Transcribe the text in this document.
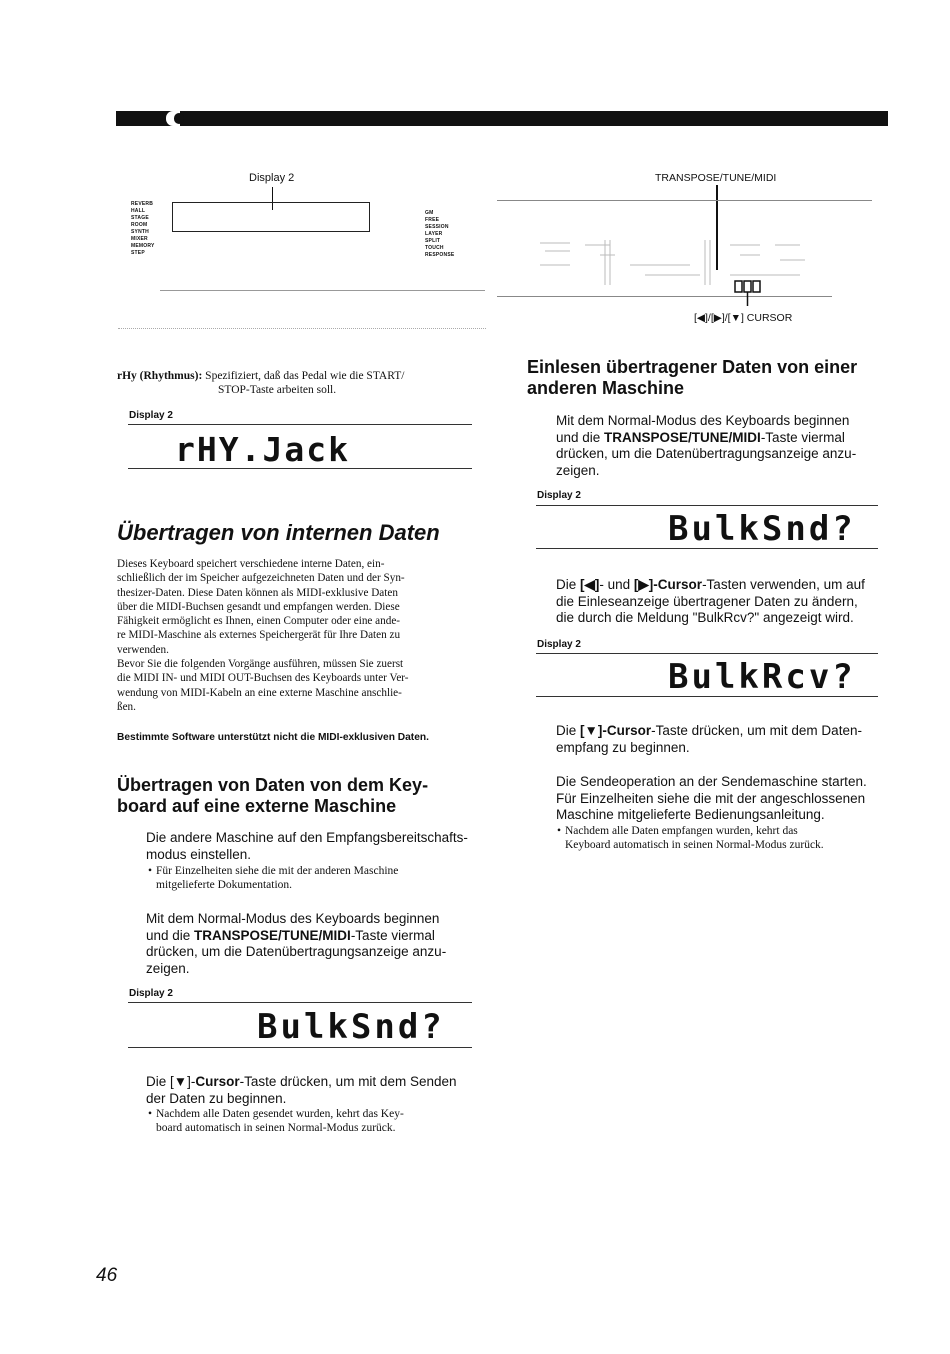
Display 2
REVERB
HALL
STAGE
ROOM
SYNTH
MIXER
MEMORY
STEP
GM
FREE
SESSION
LAYER
SPLIT
TOUCH
RESPONSE
TRANSPOSE/TUNE/MIDI
[◀]/[▶]/[▼] CURSOR
rHy (Rhythmus): Spezifiziert, daß das Pedal wie die START/
STOP-Taste arbeiten soll.
Display 2
rHY.Jack
Übertragen von internen Daten
Dieses Keyboard speichert verschiedene interne Daten, ein-
schließlich der im Speicher aufgezeichneten Daten und der Syn-
thesizer-Daten. Diese Daten können als MIDI-exklusive Daten
über die MIDI-Buchsen gesandt und empfangen werden. Diese
Fähigkeit ermöglicht es Ihnen, einen Computer oder eine ande-
re MIDI-Maschine als externes Speichergerät für Ihre Daten zu
verwenden.
Bevor Sie die folgenden Vorgänge ausführen, müssen Sie zuerst
die MIDI IN- und MIDI OUT-Buchsen des Keyboards unter Ver-
wendung von MIDI-Kabeln an eine externe Maschine anschlie-
ßen.
Bestimmte Software unterstützt nicht die MIDI-exklusiven Daten.
Übertragen von Daten von dem Key-
board auf eine externe Maschine
Die andere Maschine auf den Empfangsbereitschafts-
modus einstellen.
• Für Einzelheiten siehe die mit der anderen Maschine
mitgelieferte Dokumentation.
Mit dem Normal-Modus des Keyboards beginnen
und die TRANSPOSE/TUNE/MIDI-Taste viermal
drücken, um die Datenübertragungsanzeige anzu-
zeigen.
Display 2
BulkSnd?
Die [▼]-Cursor-Taste drücken, um mit dem Senden
der Daten zu beginnen.
• Nachdem alle Daten gesendet wurden, kehrt das Key-
board automatisch in seinen Normal-Modus zurück.
Einlesen übertragener Daten von einer
anderen Maschine
Mit dem Normal-Modus des Keyboards beginnen
und die TRANSPOSE/TUNE/MIDI-Taste viermal
drücken, um die Datenübertragungsanzeige anzu-
zeigen.
Display 2
BulkSnd?
Die [◀]- und [▶]-Cursor-Tasten verwenden, um auf
die Einleseanzeige übertragener Daten zu ändern,
die durch die Meldung "BulkRcv?" angezeigt wird.
Display 2
BulkRcv?
Die [▼]-Cursor-Taste drücken, um mit dem Daten-
empfang zu beginnen.
Die Sendeoperation an der Sendemaschine starten.
Für Einzelheiten siehe die mit der angeschlossenen
Maschine mitgelieferte Bedienungsanleitung.
• Nachdem alle Daten empfangen wurden, kehrt das
Keyboard automatisch in seinen Normal-Modus zurück.
46
